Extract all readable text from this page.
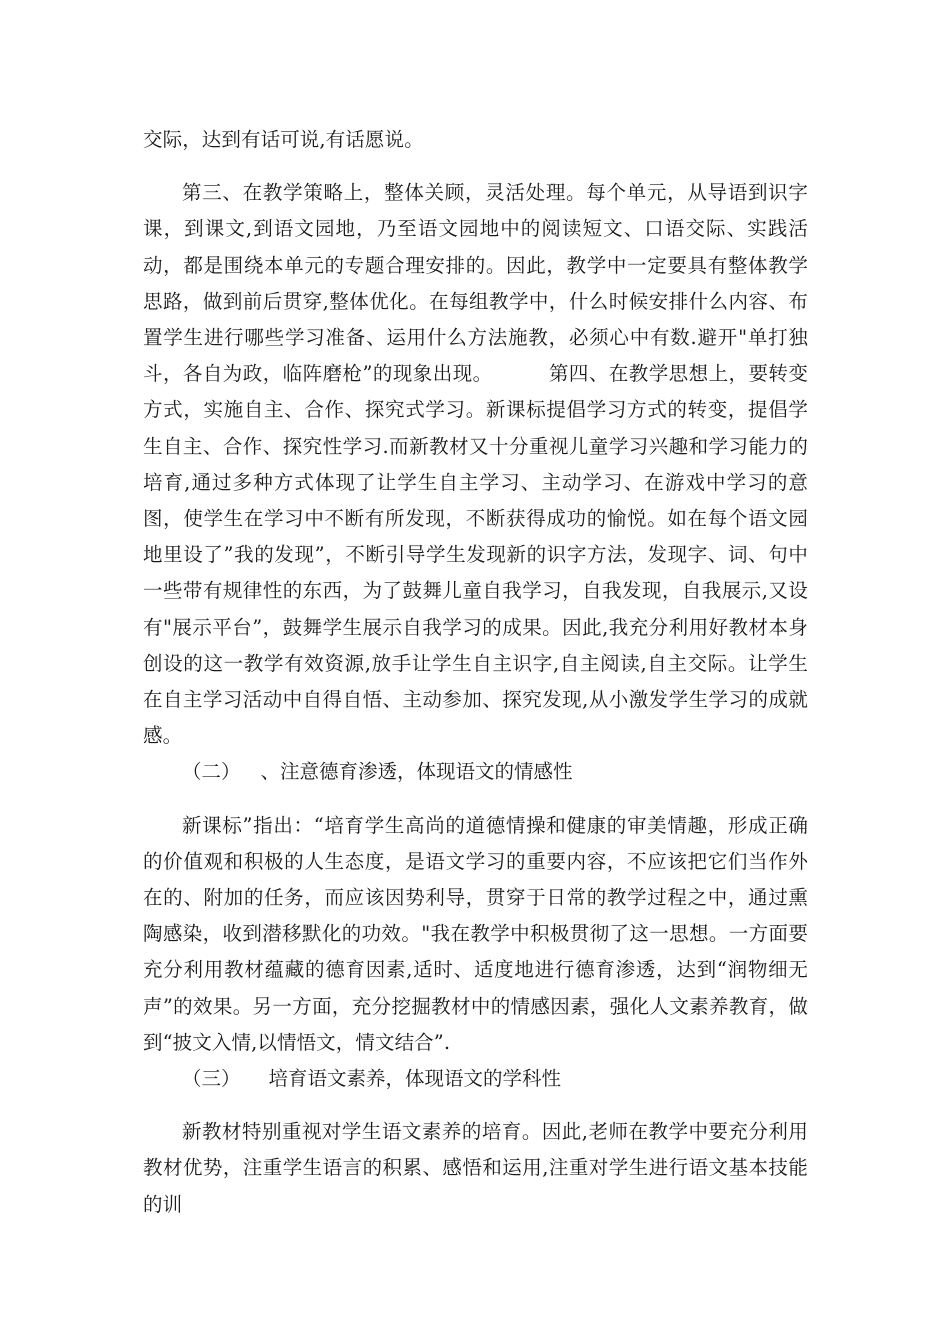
交际，达到有话可说,有话愿说。

第三、在教学策略上，整体关顾，灵活处理。每个单元，从导语到识字课，到课文,到语文园地，乃至语文园地中的阅读短文、口语交际、实践活动，都是围绕本单元的专题合理安排的。因此，教学中一定要具有整体教学思路，做到前后贯穿,整体优化。在每组教学中，什么时候安排什么内容、布置学生进行哪些学习准备、运用什么方法施教，必须心中有数.避开"单打独斗，各自为政，临阵磨枪”的现象出现。	第四、在教学思想上，要转变方式，实施自主、合作、探究式学习。新课标提倡学习方式的转变，提倡学生自主、合作、探究性学习.而新教材又十分重视儿童学习兴趣和学习能力的培育,通过多种方式体现了让学生自主学习、主动学习、在游戏中学习的意图，使学生在学习中不断有所发现，不断获得成功的愉悦。如在每个语文园地里设了”我的发现”，不断引导学生发现新的识字方法，发现字、词、句中一些带有规律性的东西，为了鼓舞儿童自我学习，自我发现，自我展示,又设有"展示平台”，鼓舞学生展示自我学习的成果。因此,我充分利用好教材本身创设的这一教学有效资源,放手让学生自主识字,自主阅读,自主交际。让学生在自主学习活动中自得自悟、主动参加、探究发现,从小激发学生学习的成就感。

（二） 、注意德育渗透，体现语文的情感性

新课标”指出：“培育学生高尚的道德情操和健康的审美情趣，形成正确的价值观和积极的人生态度，是语文学习的重要内容，不应该把它们当作外在的、附加的任务，而应该因势利导，贯穿于日常的教学过程之中，通过熏陶感染，收到潜移默化的功效。"我在教学中积极贯彻了这一思想。一方面要充分利用教材蕴藏的德育因素,适时、适度地进行德育渗透，达到“润物细无声”的效果。另一方面，充分挖掘教材中的情感因素，强化人文素养教育，做到“披文入情,以情悟文，情文结合”.

（三） 培育语文素养，体现语文的学科性

新教材特别重视对学生语文素养的培育。因此,老师在教学中要充分利用教材优势，注重学生语言的积累、感悟和运用,注重对学生进行语文基本技能的训
